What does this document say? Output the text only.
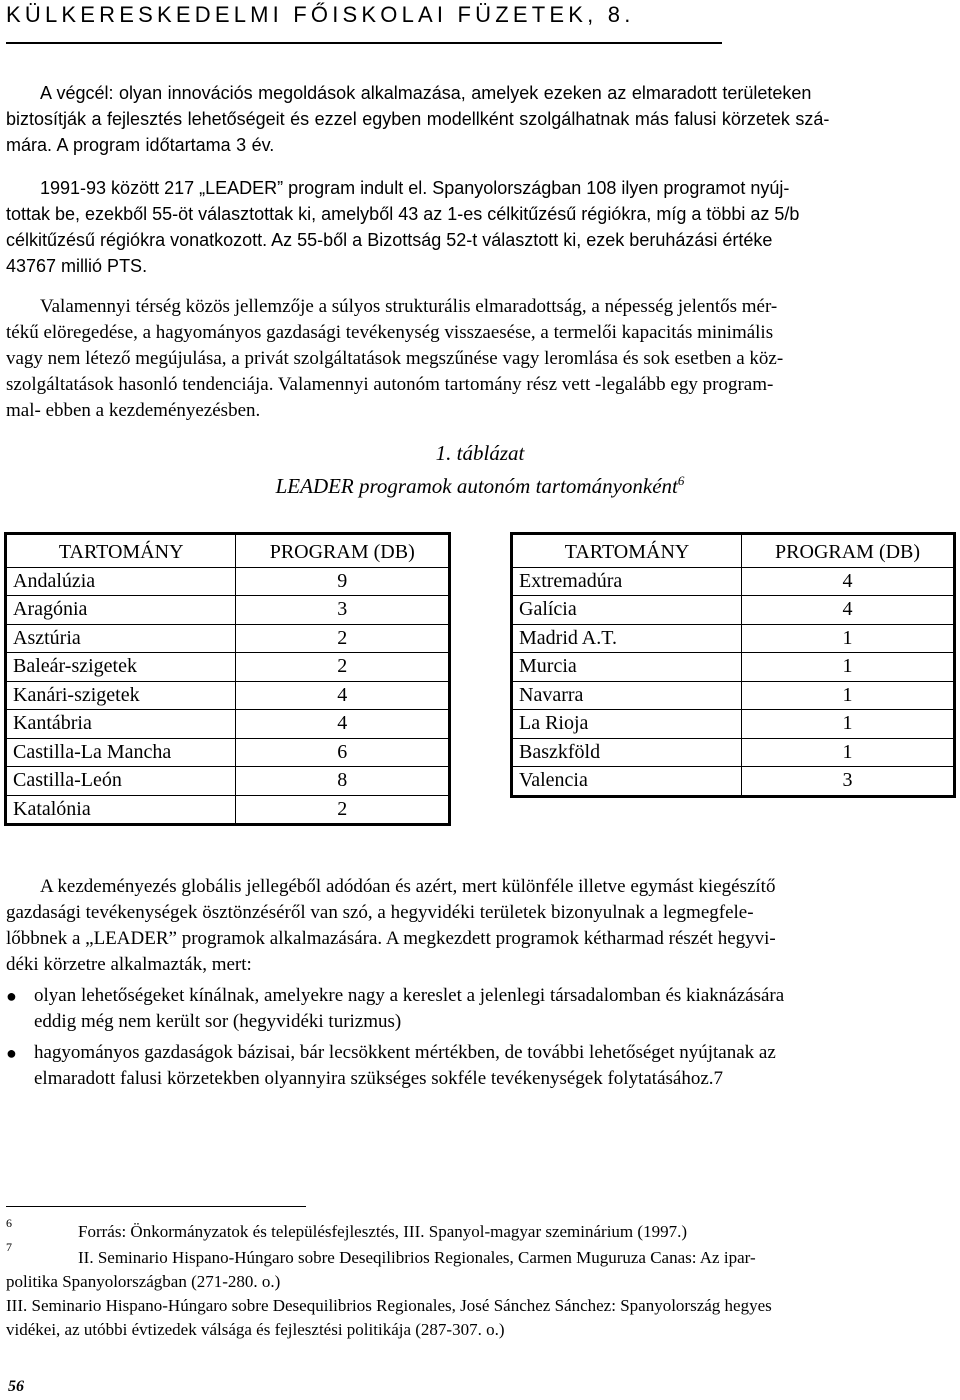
KÜLKERESKEDELMI FŐISKOLAI FÜZETEK, 8.
A végcél: olyan innovációs megoldások alkalmazása, amelyek ezeken az elmaradott területeken
biztosítják a fejlesztés lehetőségeit és ezzel egyben modellként szolgálhatnak más falusi körzetek szá-
mára. A program időtartama 3 év.
1991-93 között 217 „LEADER” program indult el. Spanyolországban 108 ilyen programot nyúj-
tottak be, ezekből 55-öt választottak ki, amelyből 43 az 1-es célkitűzésű régiókra, míg a többi az 5/b
célkitűzésű régiókra vonatkozott. Az 55-ből a Bizottság 52-t választott ki, ezek beruházási értéke
43767 millió PTS.
Valamennyi térség közös jellemzője a súlyos strukturális elmaradottság, a népesség jelentős mér-
tékű elöregedése, a hagyományos gazdasági tevékenység visszaesése, a termelői kapacitás minimális
vagy nem létező megújulása, a privát szolgáltatások megszűnése vagy leromlása és sok esetben a köz-
szolgáltatások hasonló tendenciája. Valamennyi autonóm tartomány rész vett -legalább egy program-
mal- ebben a kezdeményezésben.
1. táblázat
LEADER programok autonóm tartományonként$^6$
TARTOMÁNY	PROGRAM (DB)
Andalúzia	9
Aragónia	3
Asztúria	2
Baleár-szigetek	2
Kanári-szigetek	4
Kantábria	4
Castilla-La Mancha	6
Castilla-León	8
Katalónia	2
TARTOMÁNY	PROGRAM (DB)
Extremadúra	4
Galícia	4
Madrid A.T.	1
Murcia	1
Navarra	1
La Rioja	1
Baszkföld	1
Valencia	3
A kezdeményezés globális jellegéből adódóan és azért, mert különféle illetve egymást kiegészítő
gazdasági tevékenységek ösztönzéséről van szó, a hegyvidéki területek bizonyulnak a legmegfele-
lőbbnek a „LEADER” programok alkalmazására. A megkezdett programok kétharmad részét hegyvi-
déki körzetre alkalmazták, mert:
● olyan lehetőségeket kínálnak, amelyekre nagy a kereslet a jelenlegi társadalomban és kiaknázására
eddig még nem került sor (hegyvidéki turizmus)
● hagyományos gazdaságok bázisai, bár lecsökkent mértékben, de további lehetőséget nyújtanak az
elmaradott falusi körzetekben olyannyira szükséges sokféle tevékenységek folytatásához.7
6	Forrás: Önkormányzatok és településfejlesztés, III. Spanyol-magyar szeminárium (1997.)
7
II. Seminario Hispano-Húngaro sobre Deseqilibrios Regionales, Carmen Muguruza Canas: Az ipar-
politika Spanyolországban (271-280. o.)
III. Seminario Hispano-Húngaro sobre Desequilibrios Regionales, José Sánchez Sánchez: Spanyolország hegyes
vidékei, az utóbbi évtizedek válsága és fejlesztési politikája (287-307. o.)
56
